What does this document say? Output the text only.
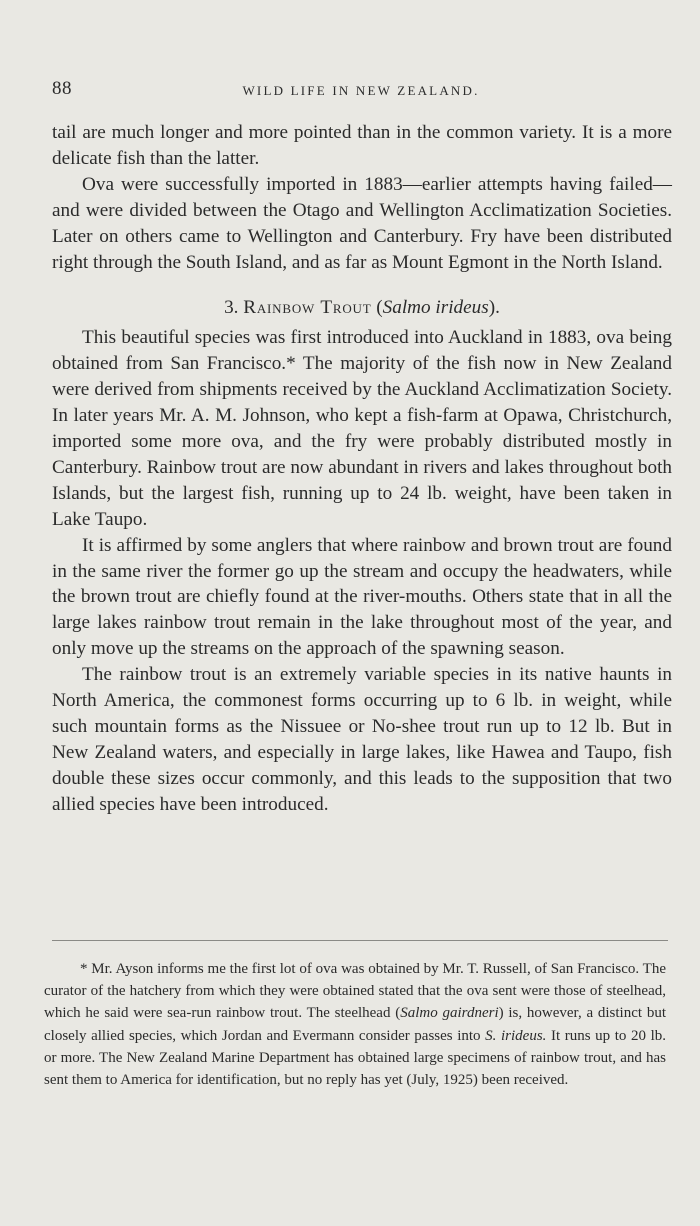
88	WILD LIFE IN NEW ZEALAND.

tail are much longer and more pointed than in the common variety. It is a more delicate fish than the latter.

Ova were successfully imported in 1883—earlier attempts having failed—and were divided between the Otago and Wellington Acclimatization Societies. Later on others came to Wellington and Canterbury. Fry have been distributed right through the South Island, and as far as Mount Egmont in the North Island.

3. Rainbow Trout (Salmo irideus).

This beautiful species was first introduced into Auckland in 1883, ova being obtained from San Francisco.* The majority of the fish now in New Zealand were derived from shipments received by the Auckland Acclimatization Society. In later years Mr. A. M. Johnson, who kept a fish-farm at Opawa, Christchurch, imported some more ova, and the fry were probably distributed mostly in Canterbury. Rainbow trout are now abundant in rivers and lakes throughout both Islands, but the largest fish, running up to 24 lb. weight, have been taken in Lake Taupo.

It is affirmed by some anglers that where rainbow and brown trout are found in the same river the former go up the stream and occupy the headwaters, while the brown trout are chiefly found at the river-mouths. Others state that in all the large lakes rainbow trout remain in the lake throughout most of the year, and only move up the streams on the approach of the spawning season.

The rainbow trout is an extremely variable species in its native haunts in North America, the commonest forms occurring up to 6 lb. in weight, while such mountain forms as the Nissuee or No-shee trout run up to 12 lb. But in New Zealand waters, and especially in large lakes, like Hawea and Taupo, fish double these sizes occur commonly, and this leads to the supposition that two allied species have been introduced.

* Mr. Ayson informs me the first lot of ova was obtained by Mr. T. Russell, of San Francisco. The curator of the hatchery from which they were obtained stated that the ova sent were those of steelhead, which he said were sea-run rainbow trout. The steelhead (Salmo gairdneri) is, however, a distinct but closely allied species, which Jordan and Evermann consider passes into S. irideus. It runs up to 20 lb. or more. The New Zealand Marine Department has obtained large specimens of rainbow trout, and has sent them to America for identification, but no reply has yet (July, 1925) been received.
